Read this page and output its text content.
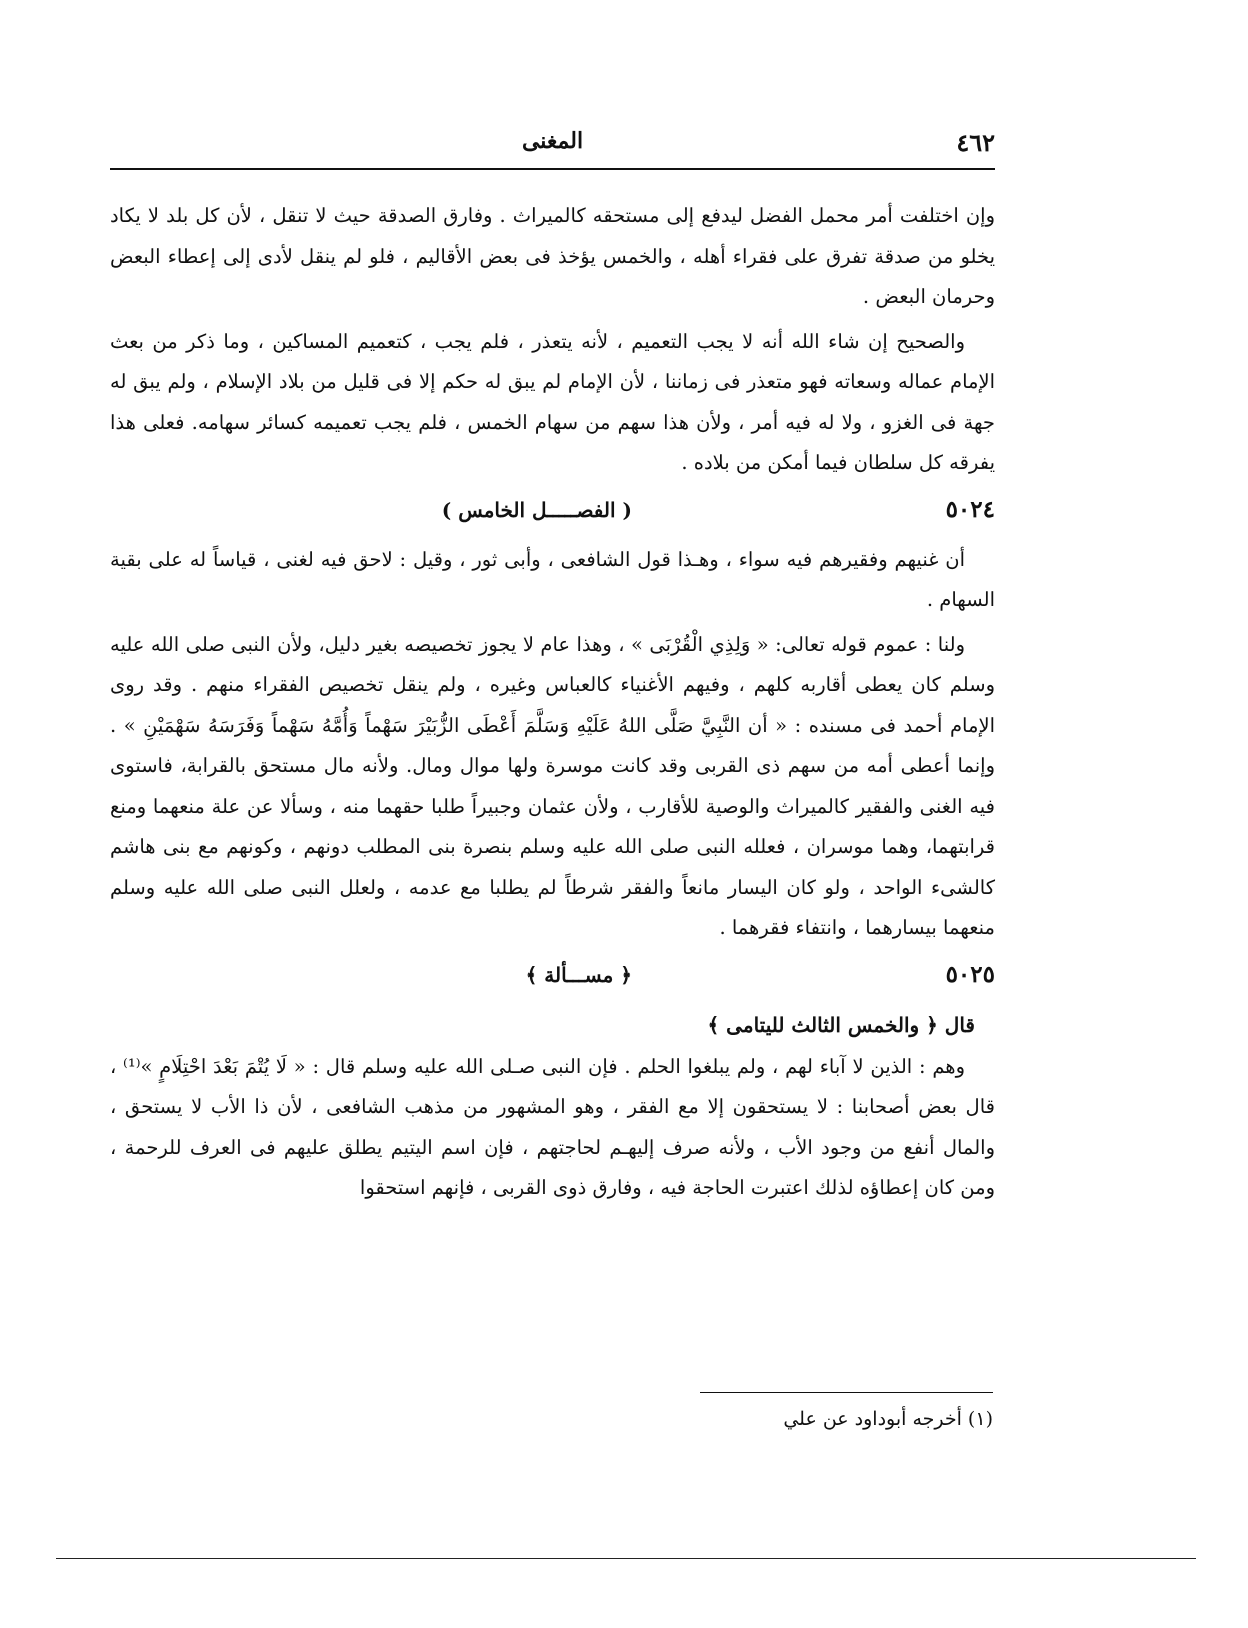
المغنى	٤٦٢

وإن اختلفت أمر محمل الفضل ليدفع إلى مستحقه كالميراث . وفارق الصدقة حيث لا تنقل ، لأن كل بلد لا يكاد يخلو من صدقة تفرق على فقراء أهله ، والخمس يؤخذ فى بعض الأقاليم ، فلو لم ينقل لأدى إلى إعطاء البعض وحرمان البعض .

والصحيح إن شاء الله أنه لا يجب التعميم ، لأنه يتعذر ، فلم يجب ، كتعميم المساكين ، وما ذكر من بعث الإمام عماله وسعاته فهو متعذر فى زماننا ، لأن الإمام لم يبق له حكم إلا فى قليل من بلاد الإسلام ، ولم يبق له جهة فى الغزو ، ولا له فيه أمر ، ولأن هذا سهم من سهام الخمس ، فلم يجب تعميمه كسائر سهامه. فعلى هذا يفرقه كل سلطان فيما أمكن من بلاده .

٥٠٢٤
( الفصـــــل الخامس )

أن غنيهم وفقيرهم فيه سواء ، وهـذا قول الشافعى ، وأبى ثور ، وقيل : لاحق فيه لغنى ، قياساً له على بقية السهام .

ولنا : عموم قوله تعالى: « وَلِذِي الْقُرْبَى » ، وهذا عام لا يجوز تخصيصه بغير دليل، ولأن النبى صلى الله عليه وسلم كان يعطى أقاربه كلهم ، وفيهم الأغنياء كالعباس وغيره ، ولم ينقل تخصيص الفقراء منهم . وقد روى الإمام أحمد فى مسنده : « أن النَّبِيَّ صَلَّى اللهُ عَلَيْهِ وَسَلَّمَ أَعْطَى الزُّبَيْرَ سَهْماً وَأُمَّهُ سَهْماً وَفَرَسَهُ سَهْمَيْنِ » . وإنما أعطى أمه من سهم ذى القربى وقد كانت موسرة ولها موال ومال. ولأنه مال مستحق بالقرابة، فاستوى فيه الغنى والفقير كالميراث والوصية للأقارب ، ولأن عثمان وجبيراً طلبا حقهما منه ، وسألا عن علة منعهما ومنع قرابتهما، وهما موسران ، فعلله النبى صلى الله عليه وسلم بنصرة بنى المطلب دونهم ، وكونهم مع بنى هاشم كالشىء الواحد ، ولو كان اليسار مانعاً والفقر شرطاً لم يطلبا مع عدمه ، ولعلل النبى صلى الله عليه وسلم منعهما بيسارهما ، وانتفاء فقرهما .

٥٠٢٥
﴿ مســـألة ﴾

قال ﴿ والخمس الثالث لليتامى ﴾

وهم : الذين لا آباء لهم ، ولم يبلغوا الحلم . فإن النبى صـلى الله عليه وسلم قال : « لَا يُتْمَ بَعْدَ احْتِلَامٍ »⁽¹⁾ ، قال بعض أصحابنا : لا يستحقون إلا مع الفقر ، وهو المشهور من مذهب الشافعى ، لأن ذا الأب لا يستحق ، والمال أنفع من وجود الأب ، ولأنه صرف إليهـم لحاجتهم ، فإن اسم اليتيم يطلق عليهم فى العرف للرحمة ، ومن كان إعطاؤه لذلك اعتبرت الحاجة فيه ، وفارق ذوى القربى ، فإنهم استحقوا

(١) أخرجه أبوداود عن علي
